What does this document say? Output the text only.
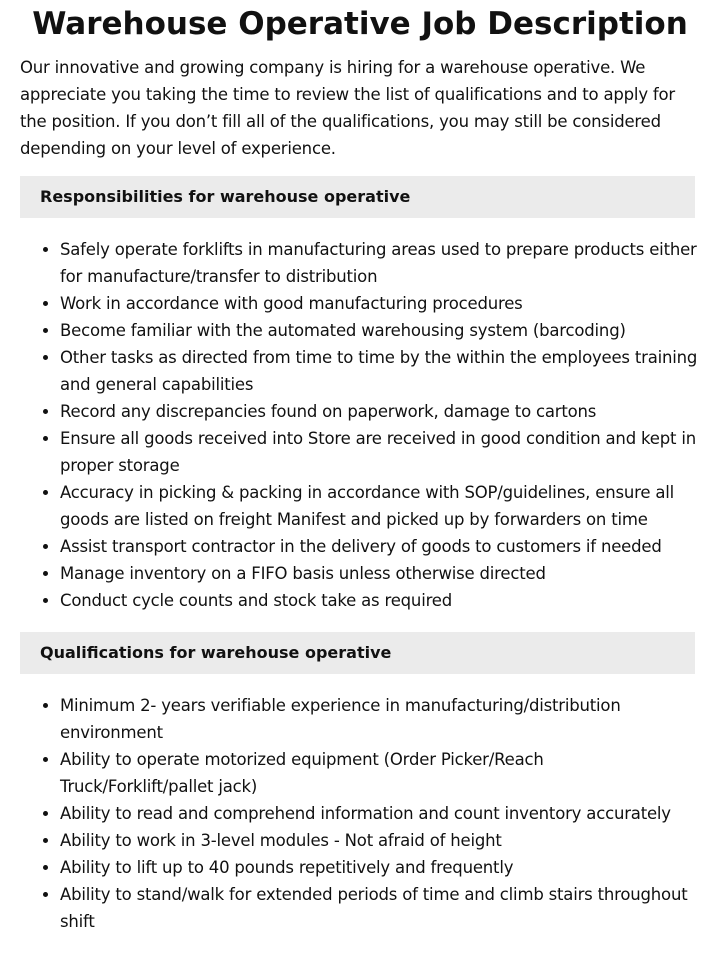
Warehouse Operative Job Description

Our innovative and growing company is hiring for a warehouse operative. We appreciate you taking the time to review the list of qualifications and to apply for the position. If you don’t fill all of the qualifications, you may still be considered depending on your level of experience.

Responsibilities for warehouse operative
• Safely operate forklifts in manufacturing areas used to prepare products either for manufacture/transfer to distribution
• Work in accordance with good manufacturing procedures
• Become familiar with the automated warehousing system (barcoding)
• Other tasks as directed from time to time by the within the employees training and general capabilities
• Record any discrepancies found on paperwork, damage to cartons
• Ensure all goods received into Store are received in good condition and kept in proper storage
• Accuracy in picking & packing in accordance with SOP/guidelines, ensure all goods are listed on freight Manifest and picked up by forwarders on time
• Assist transport contractor in the delivery of goods to customers if needed
• Manage inventory on a FIFO basis unless otherwise directed
• Conduct cycle counts and stock take as required
Qualifications for warehouse operative
• Minimum 2- years verifiable experience in manufacturing/distribution environment
• Ability to operate motorized equipment (Order Picker/Reach Truck/Forklift/pallet jack)
• Ability to read and comprehend information and count inventory accurately
• Ability to work in 3-level modules - Not afraid of height
• Ability to lift up to 40 pounds repetitively and frequently
• Ability to stand/walk for extended periods of time and climb stairs throughout shift
